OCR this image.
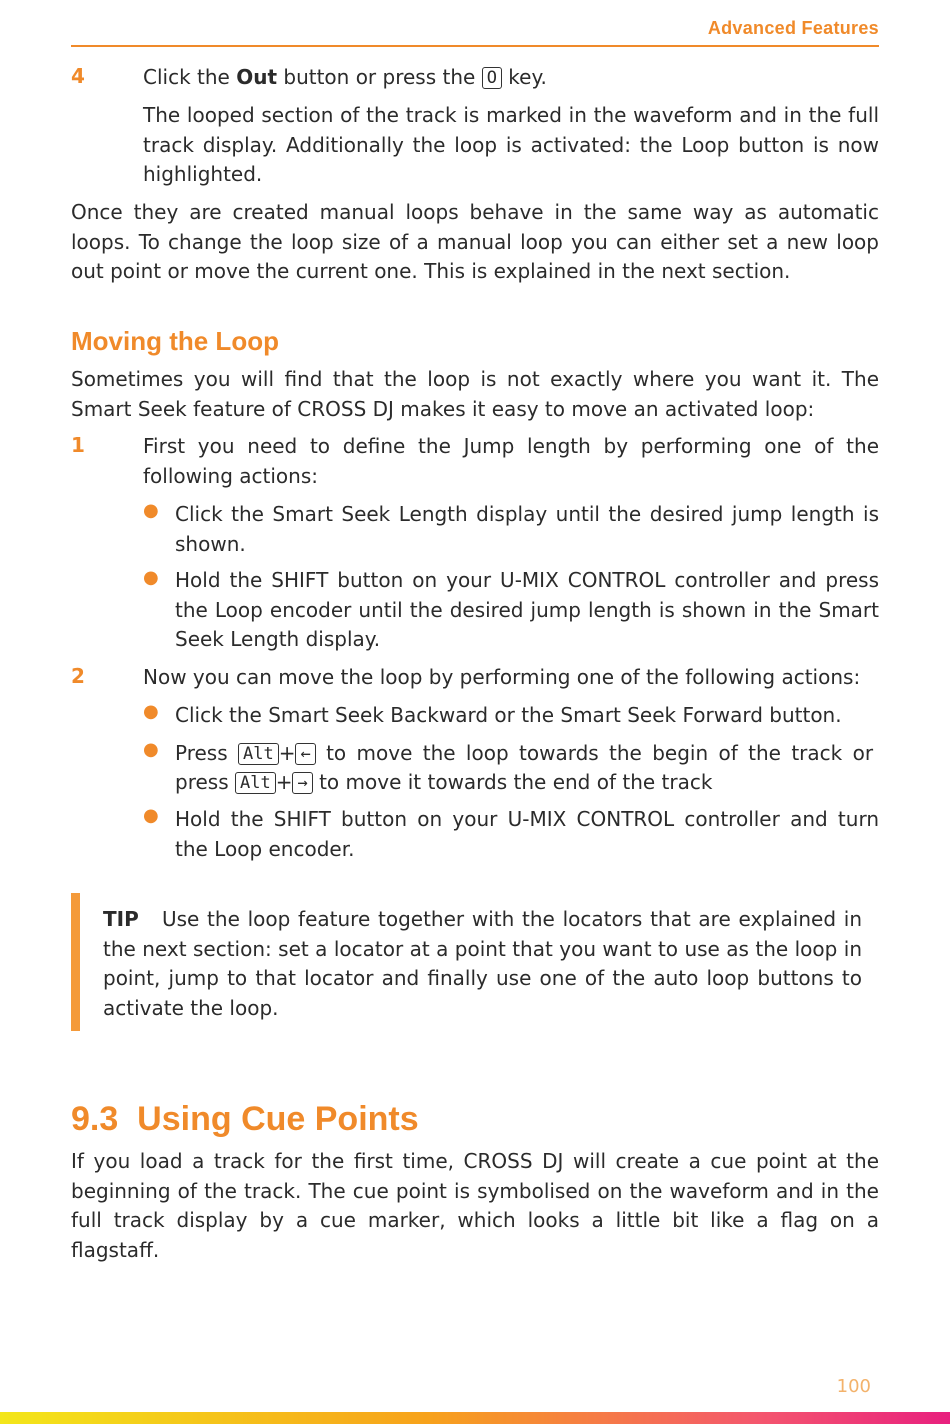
Advanced Features
4	Click the Out button or press the O key.

The looped section of the track is marked in the waveform and in the full track display. Additionally the loop is activated: the Loop button is now highlighted.

Once they are created manual loops behave in the same way as automatic loops. To change the loop size of a manual loop you can either set a new loop out point or move the current one. This is explained in the next section.

Moving the Loop

Sometimes you will find that the loop is not exactly where you want it. The Smart Seek feature of CROSS DJ makes it easy to move an activated loop:

1	First you need to define the Jump length by performing one of the following actions:

● Click the Smart Seek Length display until the desired jump length is shown.

● Hold the SHIFT button on your U-MIX CONTROL controller and press the Loop encoder until the desired jump length is shown in the Smart Seek Length display.

2	Now you can move the loop by performing one of the following actions:

● Click the Smart Seek Backward or the Smart Seek Forward button.

● Press Alt + ← to move the loop towards the begin of the track or

press Alt + → to move it towards the end of the track

● Hold the SHIFT button on your U-MIX CONTROL controller and turn the Loop encoder.

TIP Use the loop feature together with the locators that are explained in the next section: set a locator at a point that you want to use as the loop in point, jump to that locator and finally use one of the auto loop buttons to activate the loop.

9.3 Using Cue Points

If you load a track for the first time, CROSS DJ will create a cue point at the beginning of the track. The cue point is symbolised on the waveform and in the full track display by a cue marker, which looks a little bit like a flag on a flagstaff.

100
